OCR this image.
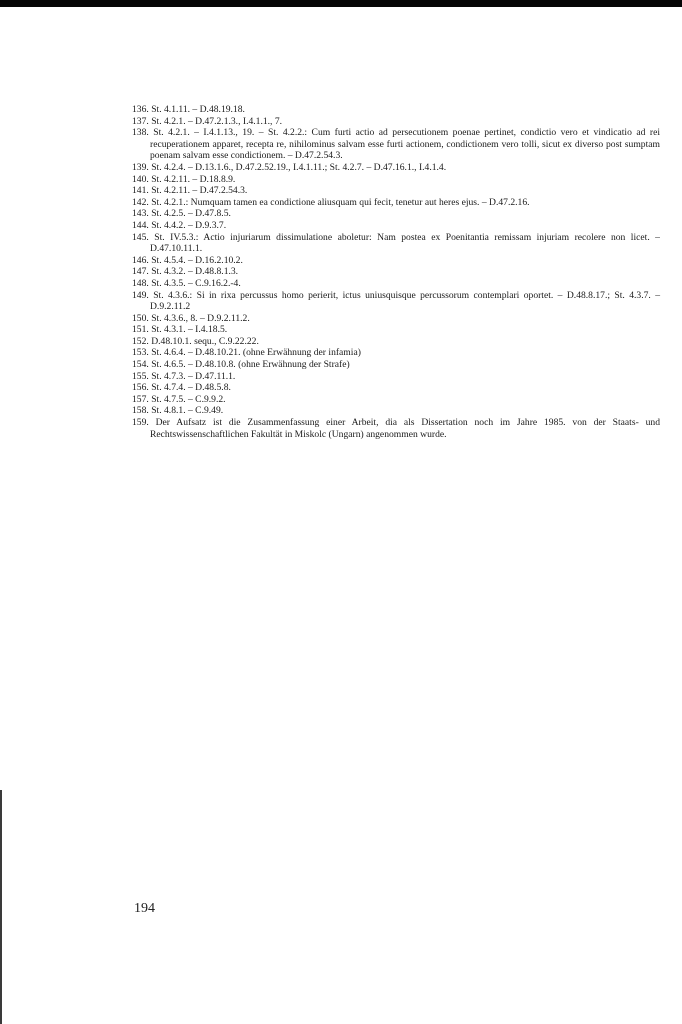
136. St. 4.1.11. – D.48.19.18.
137. St. 4.2.1. – D.47.2.1.3., I.4.1.1., 7.
138. St. 4.2.1. – I.4.1.13., 19. – St. 4.2.2.: Cum furti actio ad persecutionem poenae pertinet, condictio vero et vindicatio ad rei recuperationem apparet, recepta re, nihilominus salvam esse furti actionem, condictionem vero tolli, sicut ex diverso post sumptam poenam salvam esse condictionem. – D.47.2.54.3.
139. St. 4.2.4. – D.13.1.6., D.47.2.52.19., I.4.1.11.; St. 4.2.7. – D.47.16.1., I.4.1.4.
140. St. 4.2.11. – D.18.8.9.
141. St. 4.2.11. – D.47.2.54.3.
142. St. 4.2.1.: Numquam tamen ea condictione aliusquam qui fecit, tenetur aut heres ejus. – D.47.2.16.
143. St. 4.2.5. – D.47.8.5.
144. St. 4.4.2. – D.9.3.7.
145. St. IV.5.3.: Actio injuriarum dissimulatione aboletur: Nam postea ex Poenitantia remissam injuriam recolere non licet. – D.47.10.11.1.
146. St. 4.5.4. – D.16.2.10.2.
147. St. 4.3.2. – D.48.8.1.3.
148. St. 4.3.5. – C.9.16.2.-4.
149. St. 4.3.6.: Si in rixa percussus homo perierit, ictus uniusquisque percussorum contemplari oportet. – D.48.8.17.; St. 4.3.7. – D.9.2.11.2
150. St. 4.3.6., 8. – D.9.2.11.2.
151. St. 4.3.1. – I.4.18.5.
152. D.48.10.1. sequ., C.9.22.22.
153. St. 4.6.4. – D.48.10.21. (ohne Erwähnung der infamia)
154. St. 4.6.5. – D.48.10.8. (ohne Erwähnung der Strafe)
155. St. 4.7.3. – D.47.11.1.
156. St. 4.7.4. – D.48.5.8.
157. St. 4.7.5. – C.9.9.2.
158. St. 4.8.1. – C.9.49.
159. Der Aufsatz ist die Zusammenfassung einer Arbeit, dia als Dissertation noch im Jahre 1985. von der Staats- und Rechtswissenschaftlichen Fakultät in Miskolc (Ungarn) angenommen wurde.
194
